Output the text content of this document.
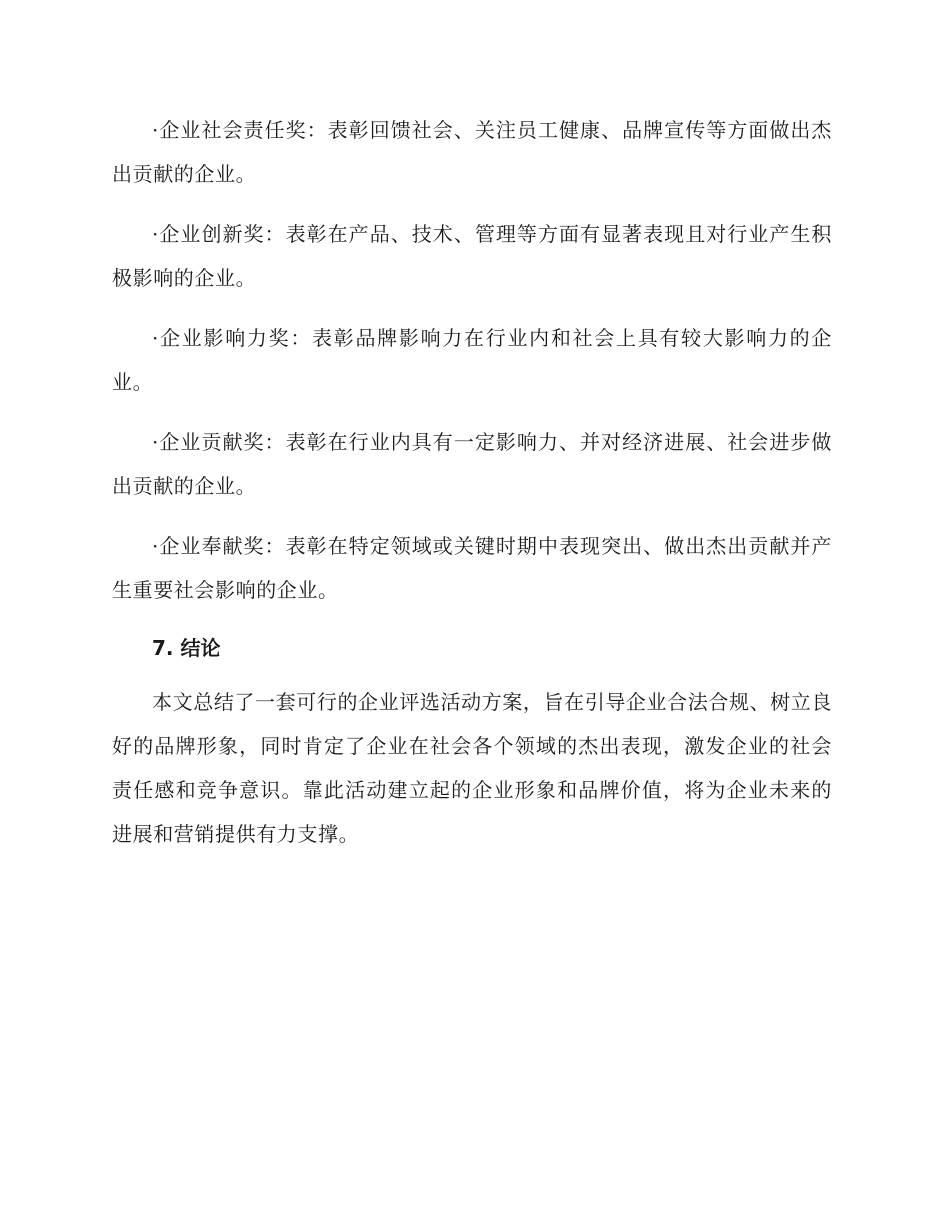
·企业社会责任奖：表彰回馈社会、关注员工健康、品牌宣传等方面做出杰出贡献的企业。

·企业创新奖：表彰在产品、技术、管理等方面有显著表现且对行业产生积极影响的企业。

·企业影响力奖：表彰品牌影响力在行业内和社会上具有较大影响力的企业。

·企业贡献奖：表彰在行业内具有一定影响力、并对经济进展、社会进步做出贡献的企业。

·企业奉献奖：表彰在特定领域或关键时期中表现突出、做出杰出贡献并产生重要社会影响的企业。

7. 结论

本文总结了一套可行的企业评选活动方案，旨在引导企业合法合规、树立良好的品牌形象，同时肯定了企业在社会各个领域的杰出表现，激发企业的社会责任感和竞争意识。靠此活动建立起的企业形象和品牌价值，将为企业未来的进展和营销提供有力支撑。
